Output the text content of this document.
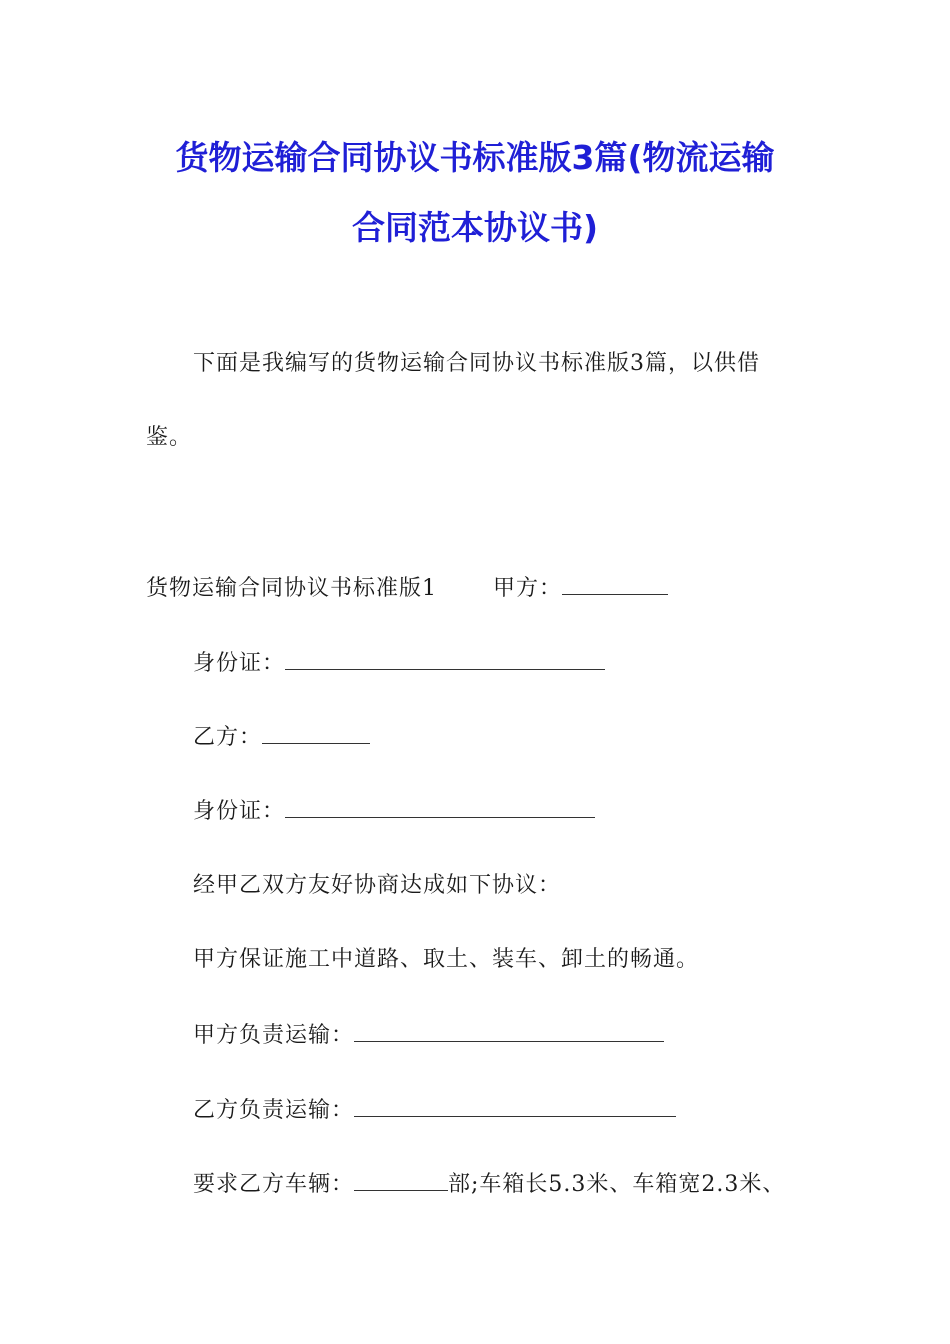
货物运输合同协议书标准版3篇(物流运输
合同范本协议书)
下面是我编写的货物运输合同协议书标准版3篇，以供借
鉴。
货物运输合同协议书标准版1	甲方：
身份证：
乙方：
身份证：
经甲乙双方友好协商达成如下协议：
甲方保证施工中道路、取土、装车、卸土的畅通。
甲方负责运输：
乙方负责运输：
要求乙方车辆：	部;车箱长5.3米、车箱宽2.3米、
